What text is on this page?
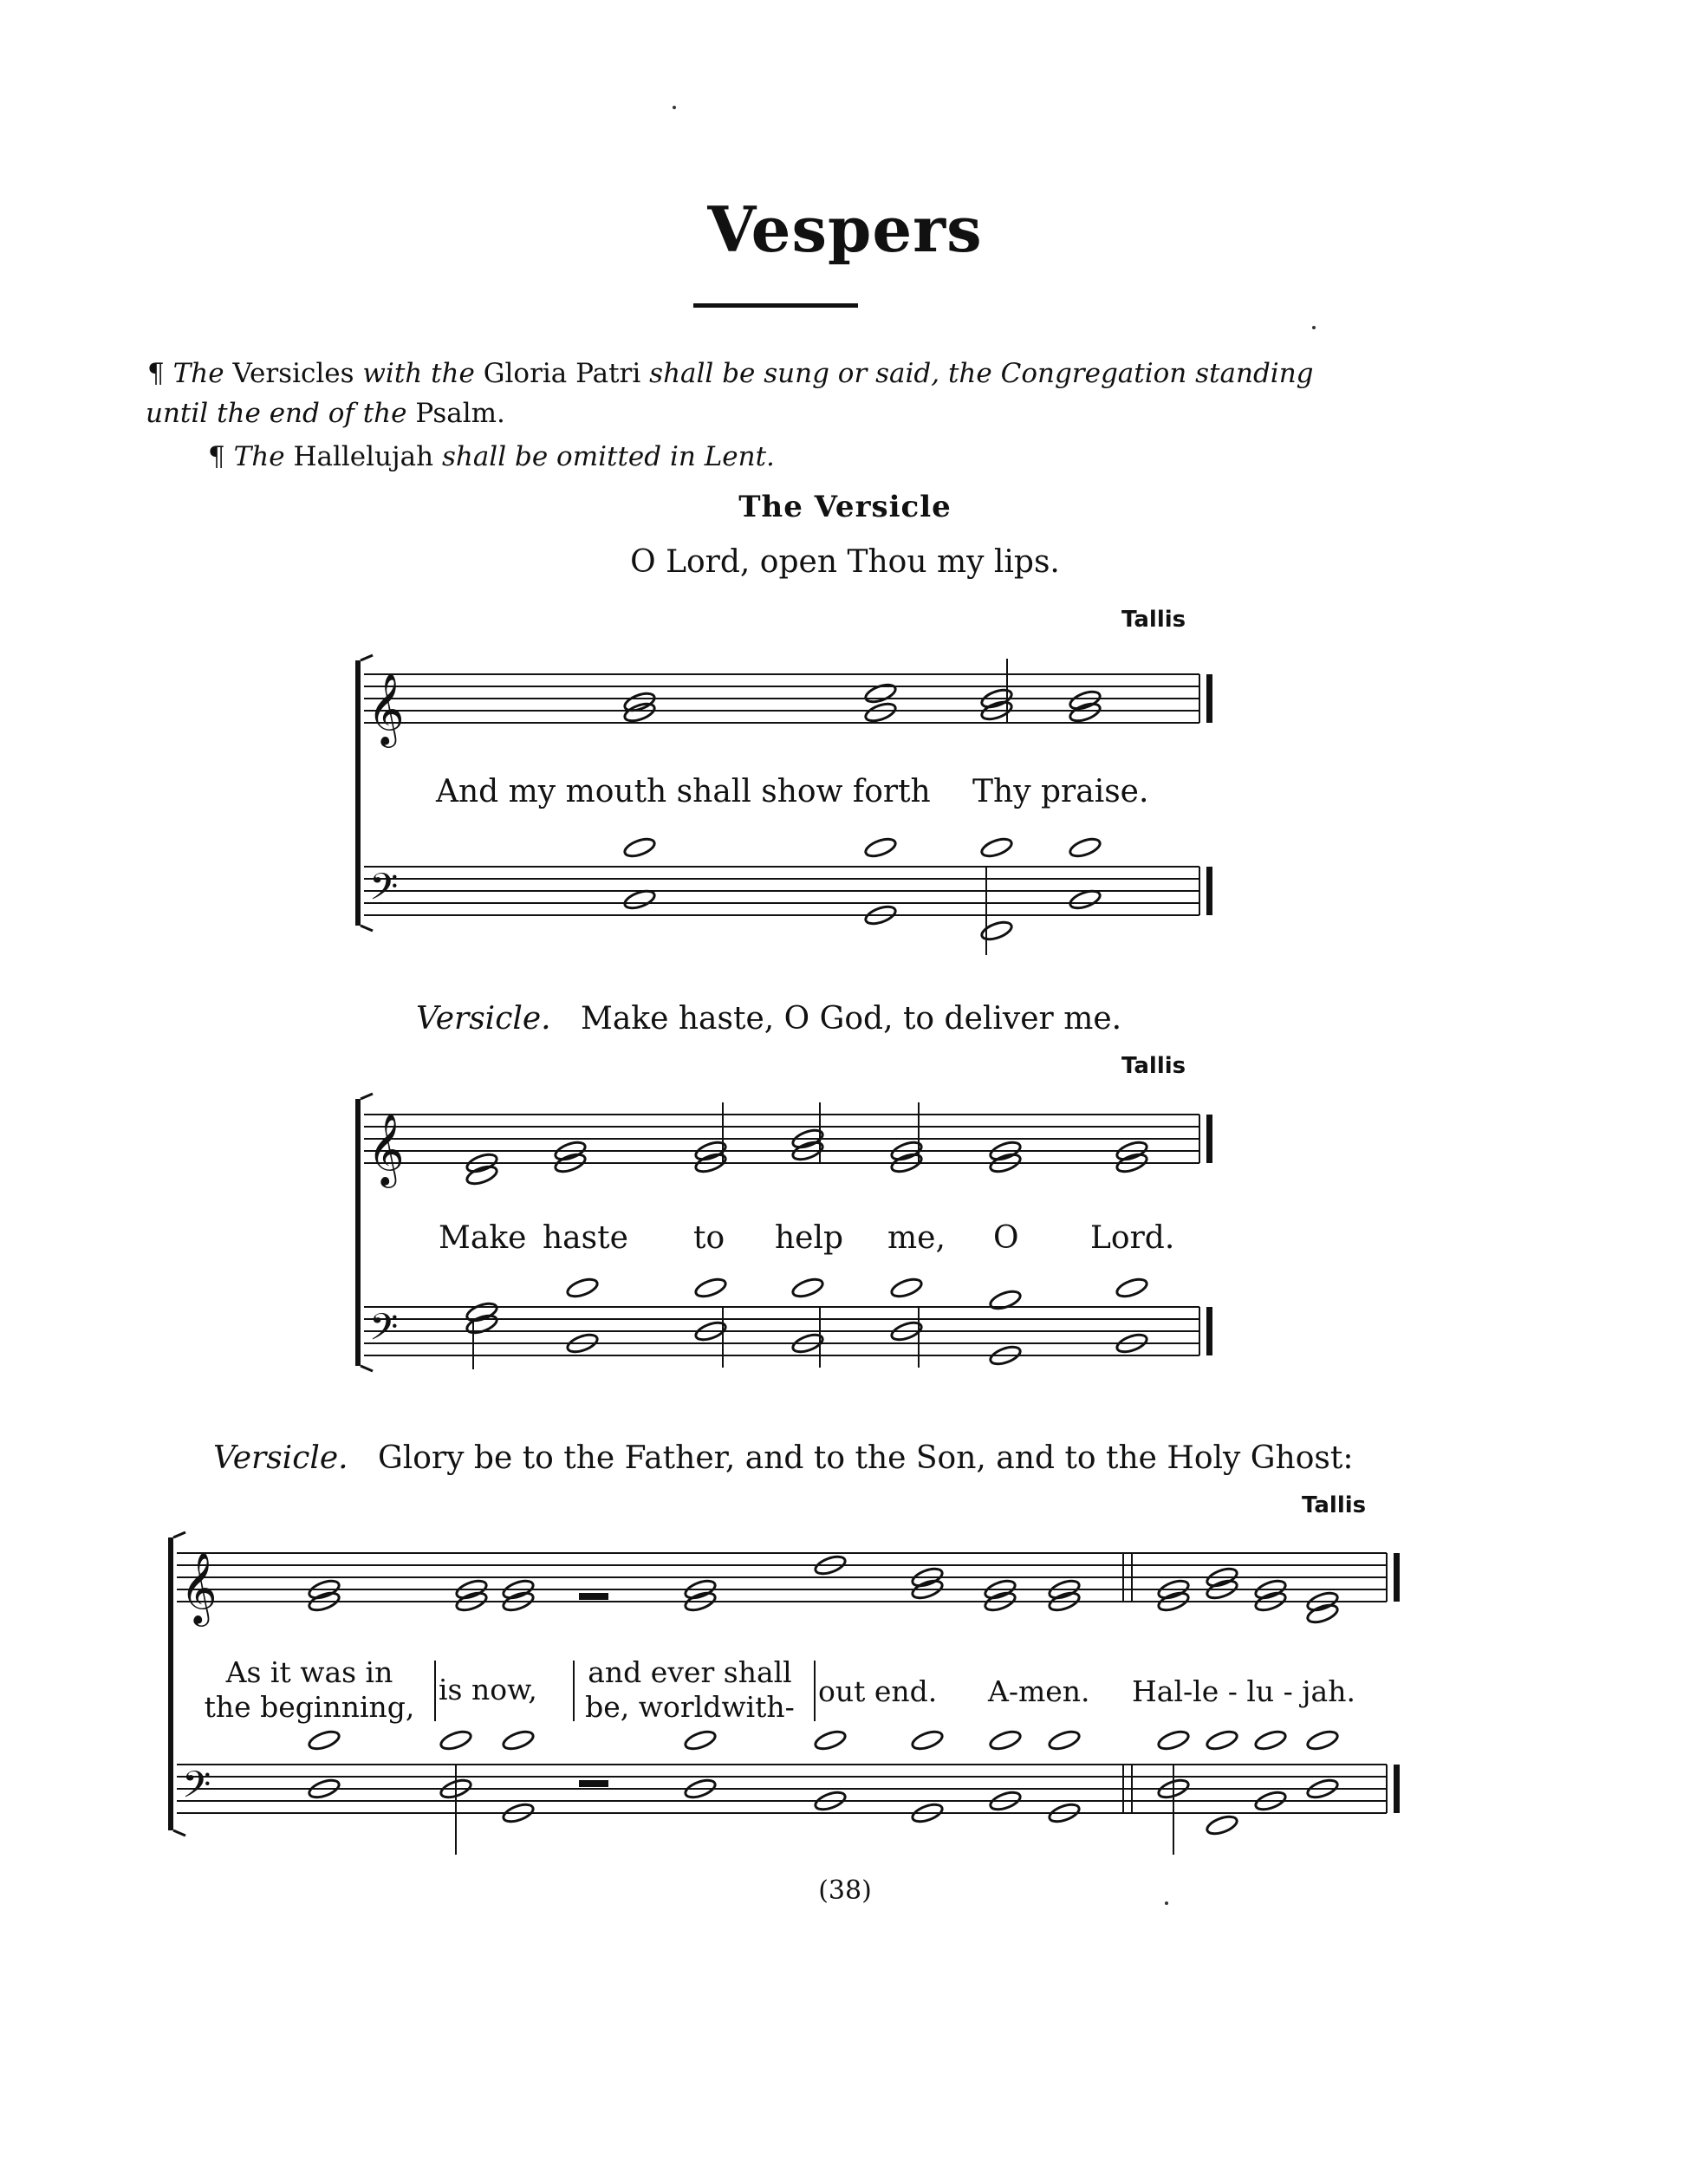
Vespers
¶ The Versicles with the Gloria Patri shall be sung or said, the Congregation standing
until the end of the Psalm.
¶ The Hallelujah shall be omitted in Lent.
The Versicle
O Lord, open Thou my lips.
Tallis
And my mouth shall show forth Thy praise.
Versicle. Make haste, O God, to deliver me.
Tallis
Make haste to help me, O Lord.
Versicle. Glory be to the Father, and to the Son, and to the Holy Ghost:
Tallis
As it was in
the beginning,
is now,
and ever shall
be, worldwith- out end. A-men. Hal-le - lu - jah.
(38)
𝄞
𝄢
𝄞
𝄢
𝄞
𝄢
